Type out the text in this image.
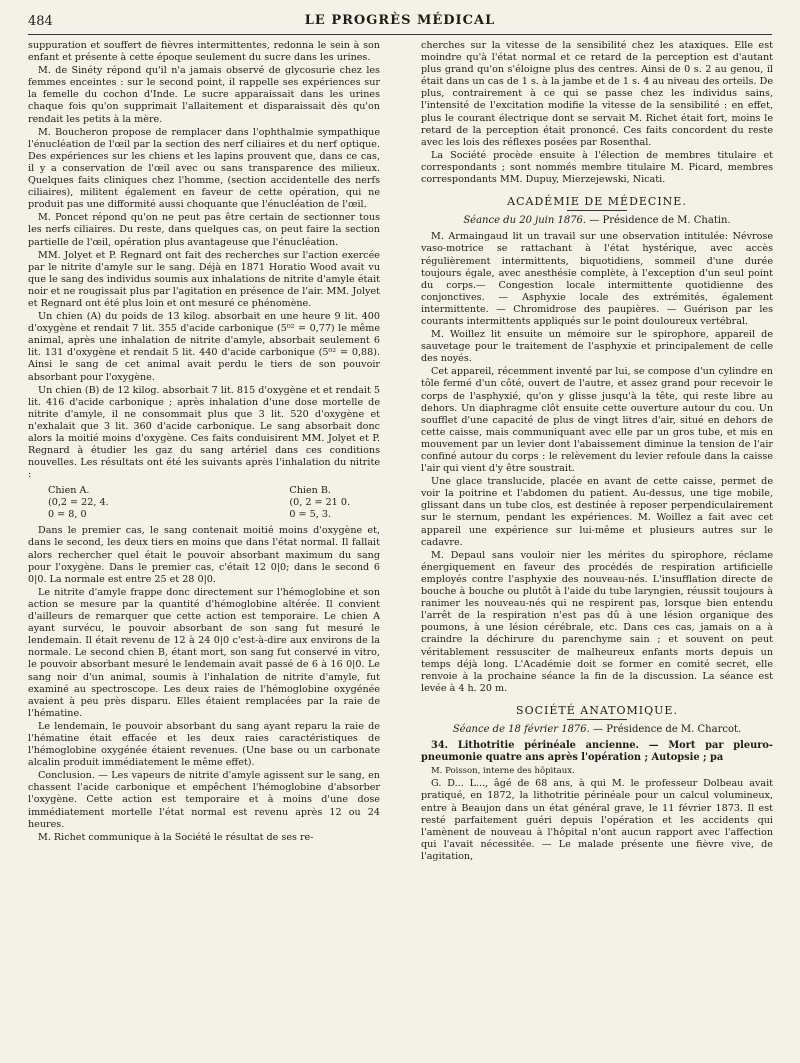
484	LE PROGRÈS MÉDICAL

suppuration et souffert de fièvres intermittentes, redonna le sein à son enfant et présente à cette époque seulement du sucre dans les urines.

M. de Sinéty répond qu'il n'a jamais observé de glycosurie chez les femmes enceintes : sur le second point, il rappelle ses expériences sur la femelle du cochon d'Inde. Le sucre apparaissait dans les urines chaque fois qu'on supprimait l'allaitement et disparaissait dès qu'on rendait les petits à la mère.

M. Boucheron propose de remplacer dans l'ophthalmie sympathique l'énucléation de l'œil par la section des nerf ciliaires et du nerf optique. Des expériences sur les chiens et les lapins prouvent que, dans ce cas, il y a conservation de l'œil avec ou sans transparence des milieux. Quelques faits cliniques chez l'homme, (section accidentelle des nerfs ciliaires), militent également en faveur de cette opération, qui ne produit pas une difformité aussi choquante que l'énucléation de l'œil.

M. Poncet répond qu'on ne peut pas être certain de sectionner tous les nerfs ciliaires. Du reste, dans quelques cas, on peut faire la section partielle de l'œil, opération plus avantageuse que l'énucléation.

MM. Jolyet et P. Regnard ont fait des recherches sur l'action exercée par le nitrite d'amyle sur le sang. Déjà en 1871 Horatio Wood avait vu que le sang des individus soumis aux inhalations de nitrite d'amyle était noir et ne rougissait plus par l'agitation en présence de l'air. MM. Jolyet et Regnard ont été plus loin et ont mesuré ce phénomène.

Un chien (A) du poids de 13 kilog. absorbait en une heure 9 lit. 400 d'oxygène et rendait 7 lit. 355 d'acide carbonique (5⁰² = 0,77) le même animal, après une inhalation de nitrite d'amyle, absorbait seulement 6 lit. 131 d'oxygène et rendait 5 lit. 440 d'acide carbonique (5⁰² = 0,88). Ainsi le sang de cet animal avait perdu le tiers de son pouvoir absorbant pour l'oxygène.

Un chien (B) de 12 kilog. absorbait 7 lit. 815 d'oxygène et et rendait 5 lit. 416 d'acide carbonique ; après inhalation d'une dose mortelle de nitrite d'amyle, il ne consommait plus que 3 lit. 520 d'oxygène et n'exhalait que 3 lit. 360 d'acide carbonique. Le sang absorbait donc alors la moitié moins d'oxygène. Ces faits conduisirent MM. Jolyet et P. Regnard à étudier les gaz du sang artériel dans ces conditions nouvelles. Les résultats ont été les suivants après l'inhalation du nitrite :

Chien A.
(0,2 = 22, 4.
0 = 8, 0
Chien B.
(0, 2 = 21 0.
0 = 5, 3.

Dans le premier cas, le sang contenait moitié moins d'oxygène et, dans le second, les deux tiers en moins que dans l'état normal. Il fallait alors rechercher quel était le pouvoir absorbant maximum du sang pour l'oxygène. Dans le premier cas, c'était 12 0|0; dans le second 6 0|0. La normale est entre 25 et 28 0|0.

Le nitrite d'amyle frappe donc directement sur l'hémoglobine et son action se mesure par la quantité d'hémoglobine altérée. Il convient d'ailleurs de remarquer que cette action est temporaire. Le chien A ayant survécu, le pouvoir absorbant de son sang fut mesuré le lendemain. Il était revenu de 12 à 24 0|0 c'est-à-dire aux environs de la normale. Le second chien B, étant mort, son sang fut conservé in vitro, le pouvoir absorbant mesuré le lendemain avait passé de 6 à 16 0|0. Le sang noir d'un animal, soumis à l'inhalation de nitrite d'amyle, fut examiné au spectroscope. Les deux raies de l'hémoglobine oxygénée avaient à peu près disparu. Elles étaient remplacées par la raie de l'hématine.

Le lendemain, le pouvoir absorbant du sang ayant reparu la raie de l'hématine était effacée et les deux raies caractéristiques de l'hémoglobine oxygénée étaient revenues. (Une base ou un carbonate alcalin produit immédiatement le même effet).

Conclusion. — Les vapeurs de nitrite d'amyle agissent sur le sang, en chassent l'acide carbonique et empêchent l'hémoglobine d'absorber l'oxygène. Cette action est temporaire et à moins d'une dose immédiatement mortelle l'état normal est revenu après 12 ou 24 heures.

M. Richet communique à la Société le résultat de ses re-

cherches sur la vitesse de la sensibilité chez les ataxiques. Elle est moindre qu'à l'état normal et ce retard de la perception est d'autant plus grand qu'on s'éloigne plus des centres. Ainsi de 0 s. 2 au genou, il était dans un cas de 1 s. à la jambe et de 1 s. 4 au niveau des orteils. De plus, contrairement à ce qui se passe chez les individus sains, l'intensité de l'excitation modifie la vitesse de la sensibilité : en effet, plus le courant électrique dont se servait M. Richet était fort, moins le retard de la perception était prononcé. Ces faits concordent du reste avec les lois des réflexes posées par Rosenthal.

La Société procède ensuite à l'élection de membres titulaire et correspondants ; sont nommés membre titulaire M. Picard, membres correspondants MM. Dupuy, Mierzejewski, Nicati.

ACADÉMIE DE MÉDECINE.
Séance du 20 juin 1876. — Présidence de M. Chatin.

M. Armaingaud lit un travail sur une observation intitulée: Névrose vaso-motrice se rattachant à l'état hystérique, avec accès régulièrement intermittents, biquotidiens, sommeil d'une durée toujours égale, avec anesthésie complète, à l'exception d'un seul point du corps.— Congestion locale intermittente quotidienne des conjonctives. — Asphyxie locale des extrémités, également intermittente. — Chromidrose des paupières. — Guérison par les courants intermittents appliqués sur le point douloureux vertébral.

M. Woillez lit ensuite un mémoire sur le spirophore, appareil de sauvetage pour le traitement de l'asphyxie et principalement de celle des noyés.

Cet appareil, récemment inventé par lui, se compose d'un cylindre en tôle fermé d'un côté, ouvert de l'autre, et assez grand pour recevoir le corps de l'asphyxié, qu'on y glisse jusqu'à la tête, qui reste libre au dehors. Un diaphragme clôt ensuite cette ouverture autour du cou. Un soufflet d'une capacité de plus de vingt litres d'air, situé en dehors de cette caisse, mais communiquant avec elle par un gros tube, et mis en mouvement par un levier dont l'abaissement diminue la tension de l'air confiné autour du corps : le relèvement du levier refoule dans la caisse l'air qui vient d'y être soustrait.

Une glace translucide, placée en avant de cette caisse, permet de voir la poitrine et l'abdomen du patient. Au-dessus, une tige mobile, glissant dans un tube clos, est destinée à reposer perpendiculairement sur le sternum, pendant les expériences. M. Woillez a fait avec cet appareil une expérience sur lui-même et plusieurs autres sur le cadavre.

M. Depaul sans vouloir nier les mérites du spirophore, réclame énergiquement en faveur des procédés de respiration artificielle employés contre l'asphyxie des nouveau-nés. L'insufflation directe de bouche à bouche ou plutôt à l'aide du tube laryngien, réussit toujours à ranimer les nouveau-nés qui ne respirent pas, lorsque bien entendu l'arrêt de la respiration n'est pas dû à une lésion organique des poumons, à une lésion cérébrale, etc. Dans ces cas, jamais on a à craindre la déchirure du parenchyme sain ; et souvent on peut véritablement ressusciter de malheureux enfants morts depuis un temps déjà long. L'Académie doit se former en comité secret, elle renvoie à la prochaine séance la fin de la discussion. La séance est levée à 4 h. 20 m.

SOCIÉTÉ ANATOMIQUE.
Séance de 18 février 1876. — Présidence de M. Charcot.

34. Lithotritie périnéale ancienne. — Mort par pleuro-pneumonie quatre ans après l'opération ; Autopsie ; pa

M. Poisson, interne des hôpitaux.

G. D... L..., âgé de 68 ans, à qui M. le professeur Dolbeau avait pratiqué, en 1872, la lithotritie périnéale pour un calcul volumineux, entre à Beaujon dans un état général grave, le 11 février 1873. Il est resté parfaitement guéri depuis l'opération et les accidents qui l'amènent de nouveau à l'hôpital n'ont aucun rapport avec l'affection qui l'avait nécessitée. — Le malade présente une fièvre vive, de l'agitation,
